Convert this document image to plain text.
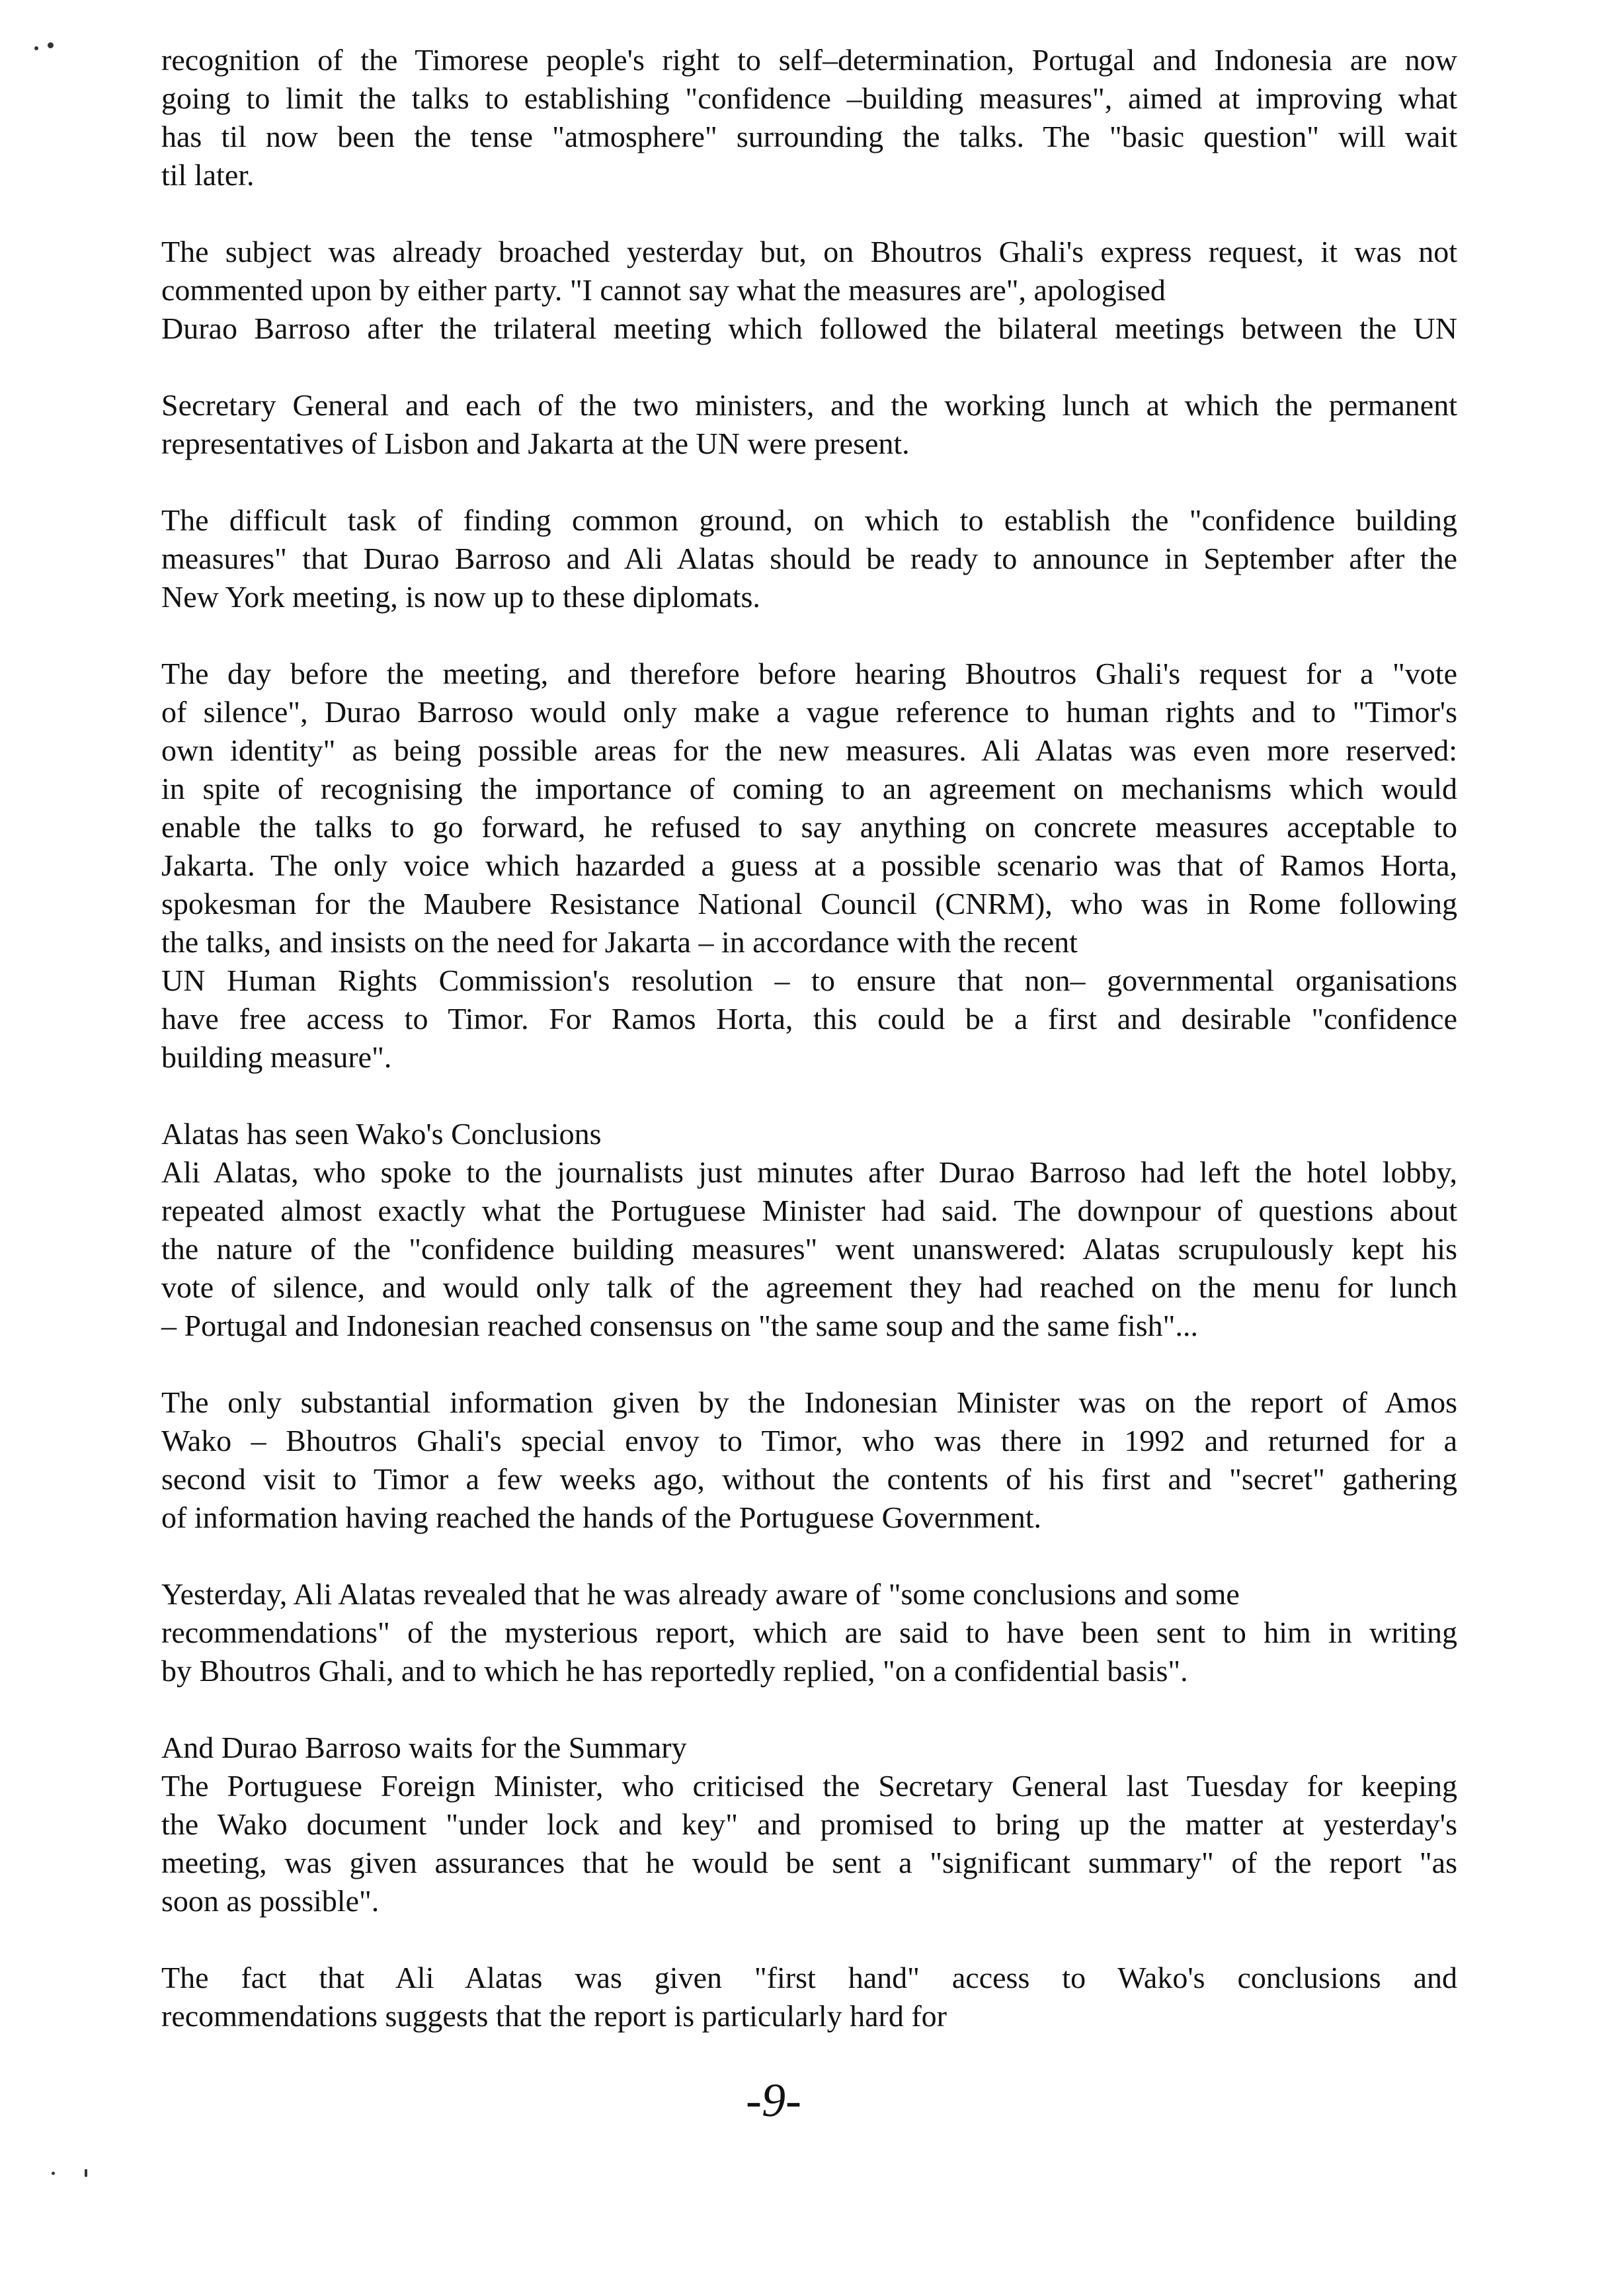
recognition of the Timorese people's right to self–determination, Portugal and Indonesia are now
going to limit the talks to establishing "confidence –building measures", aimed at improving what
has til now been the tense "atmosphere" surrounding the talks. The "basic question" will wait
til later.

The subject was already broached yesterday but, on Bhoutros Ghali's express request, it was not
commented upon by either party. "I cannot say what the measures are", apologised
Durao Barroso after the trilateral meeting which followed the bilateral meetings between the UN
Secretary General and each of the two ministers, and the working lunch at which the permanent
representatives of Lisbon and Jakarta at the UN were present.

The difficult task of finding common ground, on which to establish the "confidence building
measures" that Durao Barroso and Ali Alatas should be ready to announce in September after the
New York meeting, is now up to these diplomats.

The day before the meeting, and therefore before hearing Bhoutros Ghali's request for a "vote
of silence", Durao Barroso would only make a vague reference to human rights and to "Timor's
own identity" as being possible areas for the new measures. Ali Alatas was even more reserved:
in spite of recognising the importance of coming to an agreement on mechanisms which would
enable the talks to go forward, he refused to say anything on concrete measures acceptable to
Jakarta. The only voice which hazarded a guess at a possible scenario was that of Ramos Horta,
spokesman for the Maubere Resistance National Council (CNRM), who was in Rome following
the talks, and insists on the need for Jakarta – in accordance with the recent
UN Human Rights Commission's resolution – to ensure that non– governmental organisations
have free access to Timor. For Ramos Horta, this could be a first and desirable "confidence
building measure".

Alatas has seen Wako's Conclusions
Ali Alatas, who spoke to the journalists just minutes after Durao Barroso had left the hotel lobby,
repeated almost exactly what the Portuguese Minister had said. The downpour of questions about
the nature of the "confidence building measures" went unanswered: Alatas scrupulously kept his
vote of silence, and would only talk of the agreement they had reached on the menu for lunch
– Portugal and Indonesian reached consensus on "the same soup and the same fish"...

The only substantial information given by the Indonesian Minister was on the report of Amos
Wako – Bhoutros Ghali's special envoy to Timor, who was there in 1992 and returned for a
second visit to Timor a few weeks ago, without the contents of his first and "secret" gathering
of information having reached the hands of the Portuguese Government.

Yesterday, Ali Alatas revealed that he was already aware of "some conclusions and some
recommendations" of the mysterious report, which are said to have been sent to him in writing
by Bhoutros Ghali, and to which he has reportedly replied, "on a confidential basis".

And Durao Barroso waits for the Summary
The Portuguese Foreign Minister, who criticised the Secretary General last Tuesday for keeping
the Wako document "under lock and key" and promised to bring up the matter at yesterday's
meeting, was given assurances that he would be sent a "significant summary" of the report "as
soon as possible".

The fact that Ali Alatas was given "first hand" access to Wako's conclusions and
recommendations suggests that the report is particularly hard for

-9-
